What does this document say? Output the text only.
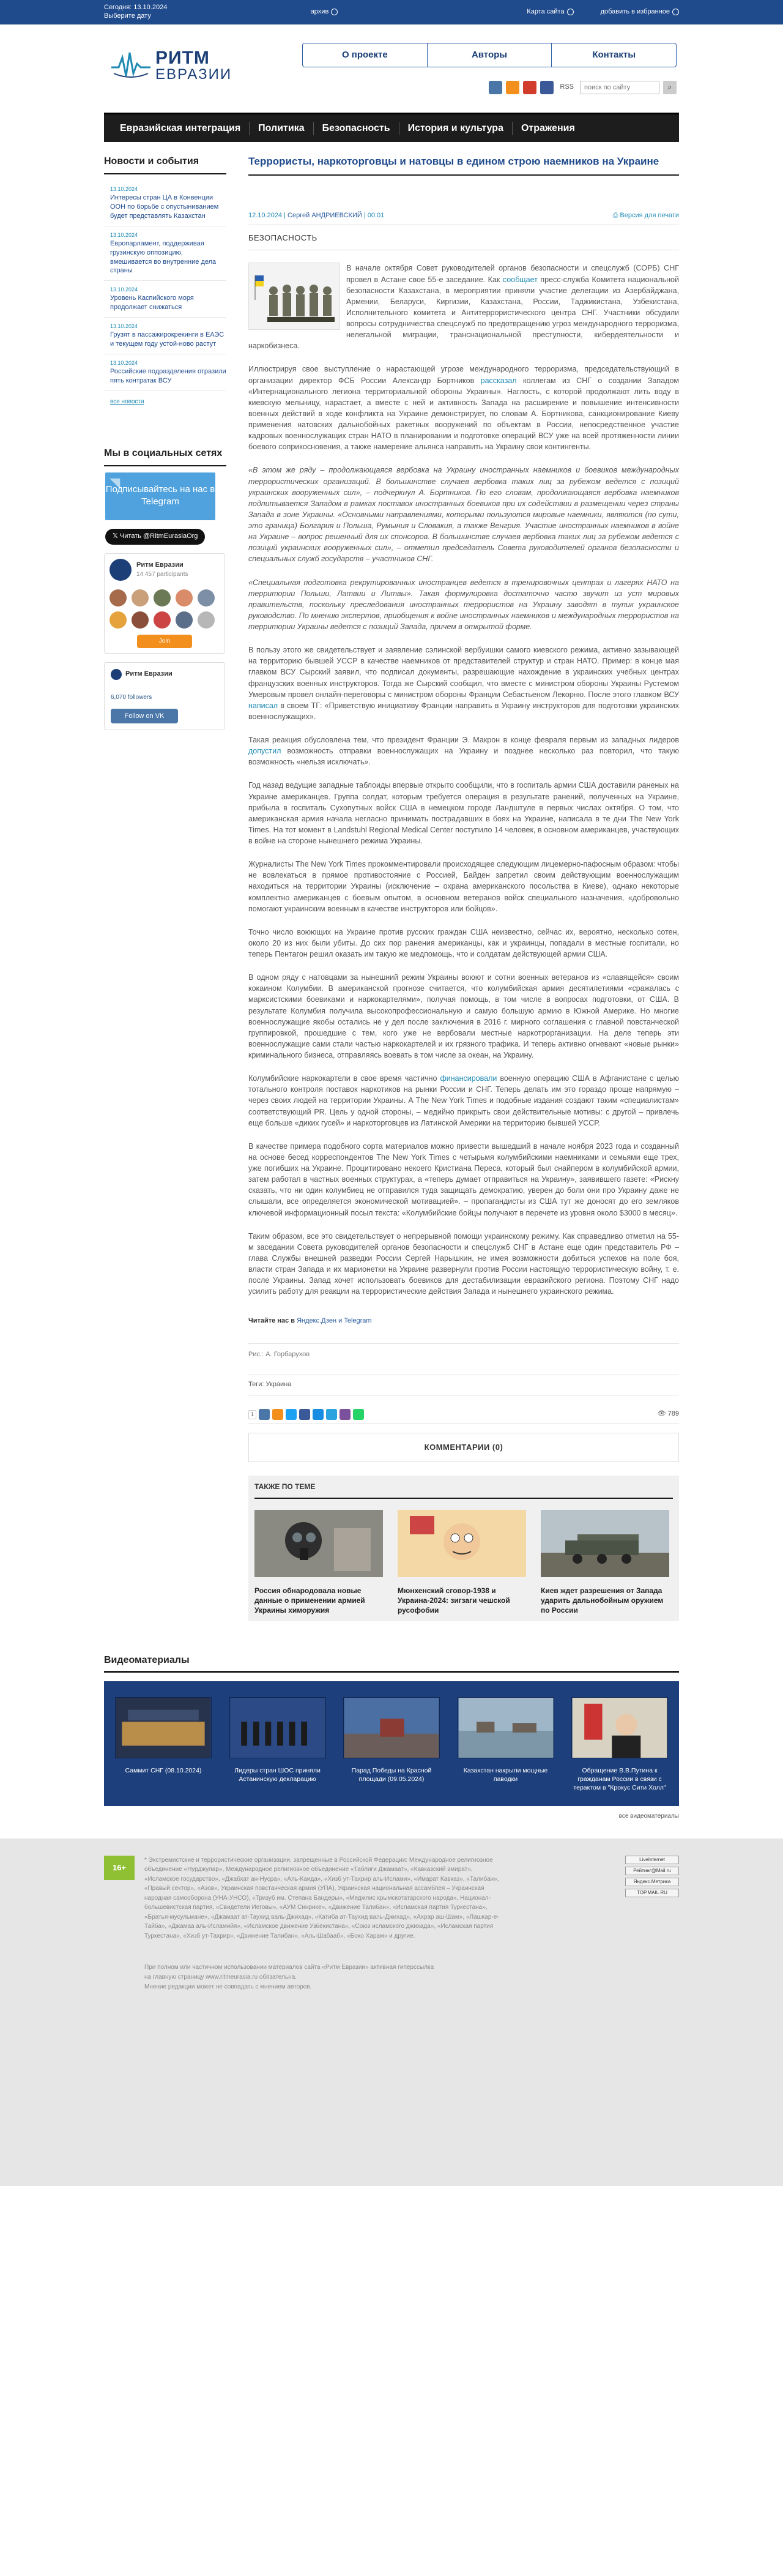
Сегодня: 13.10.2024
Выберите дату
архив	Карта сайта	добавить в избранное
РИТМ
ЕВРАЗИИ
О проекте	Авторы	Контакты
RSS
поиск по сайту	⌕
Евразийская интеграция	Политика	Безопасность	История и культура	Отражения
Новости и события
13.10.2024
Интересы стран ЦА в Конвенции ООН по борьбе с опустыниванием будет представлять Казахстан
13.10.2024
Европарламент, поддерживая грузинскую оппозицию, вмешивается во внутренние дела страны
13.10.2024
Уровень Каспийского моря продолжает снижаться
13.10.2024
Грузят в пассажирокрекинги в ЕАЭС и текущем году устой-ново растут
13.10.2024
Российские подразделения отразили пять контратак ВСУ
все новости
Мы в социальных сетях
Подписывайтесь на нас в Telegram
𝕏 Читать @RitmEurasiaOrg
Ритм Евразии
14 457 participants
Join
Ритм Евразии
6,070 followers
Follow on VK
Террористы, наркоторговцы и натовцы в едином строю наемников на Украине
12.10.2024 | Сергей АНДРИЕВСКИЙ | 00:01	⎙ Версия для печати
БЕЗОПАСНОСТЬ

В начале октября Совет руководителей органов безопасности и спецслужб (СОРБ) СНГ провел в Астане свое 55-е заседание. Как сообщает пресс-служба Комитета национальной безопасности Казахстана, в мероприятии приняли участие делегации из Азербайджана, Армении, Беларуси, Киргизии, Казахстана, России, Таджикистана, Узбекистана, Исполнительного комитета и Антитеррористического центра СНГ. Участники обсудили вопросы сотрудничества спецслужб по предотвращению угроз международного терроризма, нелегальной миграции, транснациональной преступности, кибердеятельности и наркобизнеса.

Иллюстрируя свое выступление о нарастающей угрозе международного терроризма, председательствующий в организации директор ФСБ России Александр Бортников рассказал коллегам из СНГ о создании Западом «Интернационального легиона территориальной обороны Украины». Наглость, с которой продолжают лить воду в киевскую мельницу, нарастает, а вместе с ней и активность Запада на расширение и повышение интенсивности военных действий в ходе конфликта на Украине демонстрирует, по словам А. Бортникова, санкционирование Киеву применения натовских дальнобойных ракетных вооружений по объектам в России, непосредственное участие кадровых военнослужащих стран НАТО в планировании и подготовке операций ВСУ уже на всей протяженности линии боевого соприкосновения, а также намерение альянса направить на Украину свои контингенты.

«В этом же ряду – продолжающаяся вербовка на Украину иностранных наемников и боевиков международных террористических организаций. В большинстве случаев вербовка таких лиц за рубежом ведется с позиций украинских вооруженных сил», – подчеркнул А. Бортников. По его словам, продолжающаяся вербовка наемников подпитывается Западом в рамках поставок иностранных боевиков при их содействии в размещении через страны Запада в зоне Украины. «Основными направлениями, которыми пользуются мировые наемники, являются (по сути, это граница) Болгария и Польша, Румыния и Словакия, а также Венгрия. Участие иностранных наемников в войне на Украине – вопрос решенный для их спонсоров. В большинстве случаев вербовка таких лиц за рубежом ведется с позиций украинских вооруженных сил», – отметил председатель Совета руководителей органов безопасности и специальных служб государств – участников СНГ.

«Специальная подготовка рекрутированных иностранцев ведется в тренировочных центрах и лагерях НАТО на территории Польши, Латвии и Литвы». Такая формулировка достаточно часто звучит из уст мировых правительств, поскольку преследования иностранных террористов на Украину заводят в тупик украинское руководство. По мнению экспертов, приобщения к войне иностранных наемников и международных террористов на территории Украины ведется с позиций Запада, причем в открытой форме.

В пользу этого же свидетельствует и заявление сэлинской вербуишки самого киевского режима, активно зазывающей на территорию бывшей УССР в качестве наемников от представителей структур и стран НАТО. Пример: в конце мая главком ВСУ Сырский заявил, что подписал документы, разрешающие нахождение в украинских учебных центрах французских военных инструкторов. Тогда же Сырский сообщил, что вместе с министром обороны Украины Рустемом Умеровым провел онлайн-переговоры с министром обороны Франции Себастьеном Лекорню. После этого главком ВСУ написал в своем ТГ: «Приветствую инициативу Франции направить в Украину инструкторов для подготовки украинских военнослужащих».

Такая реакция обусловлена тем, что президент Франции Э. Макрон в конце февраля первым из западных лидеров допустил возможность отправки военнослужащих на Украину и позднее несколько раз повторил, что такую возможность «нельзя исключать».

Год назад ведущие западные таблоиды впервые открыто сообщили, что в госпиталь армии США доставили раненых на Украине американцев. Группа солдат, которым требуется операция в результате ранений, полученных на Украине, прибыла в госпиталь Сухопутных войск США в немецком городе Ландштуле в первых числах октября. О том, что американская армия начала негласно принимать пострадавших в боях на Украине, написала в те дни The New York Times. На тот момент в Landstuhl Regional Medical Center поступило 14 человек, в основном американцев, участвующих в войне на стороне нынешнего режима Украины.

Журналисты The New York Times прокомментировали происходящее следующим лицемерно-пафосным образом: чтобы не вовлекаться в прямое противостояние с Россией, Байден запретил своим действующим военнослужащим находиться на территории Украины (исключение – охрана американского посольства в Киеве), однако некоторые комплектно американцев с боевым опытом, в основном ветеранов войск специального назначения, «добровольно помогают украинским военным в качестве инструкторов или бойцов».

Точно число воюющих на Украине против русских граждан США неизвестно, сейчас их, вероятно, несколько сотен, около 20 из них были убиты. До сих пор ранения американцы, как и украинцы, попадали в местные госпитали, но теперь Пентагон решил оказать им такую же медпомощь, что и солдатам действующей армии США.

В одном ряду с натовцами за нынешний режим Украины воюют и сотни военных ветеранов из «славящейся» своим кокаином Колумбии. В американской прогнозе считается, что колумбийская армия десятилетиями «сражалась с марксистскими боевиками и наркокартелями», получая помощь, в том числе в вопросах подготовки, от США. В результате Колумбия получила высокопрофессиональную и самую большую армию в Южной Америке. Но многие военнослужащие якобы остались не у дел после заключения в 2016 г. мирного соглашения с главной повстанческой группировкой, прошедшие с тем, кого уже не вербовали местные наркотрорганизации. На деле теперь эти военнослужащие сами стали частью наркокартелей и их грязного трафика. И теперь активно огневают «новые рынки» криминального бизнеса, отправляясь воевать в том числе за океан, на Украину.

Колумбийские наркокартели в свое время частично финансировали военную операцию США в Афганистане с целью тотального контроля поставок наркотиков на рынки России и СНГ. Теперь делать им это гораздо проще напрямую – через своих людей на территории Украины. А The New York Times и подобные издания создают таким «специалистам» соответствующий PR. Цель у одной стороны, – медийно прикрыть свои действительные мотивы: с другой – привлечь еще больше «диких гусей» и наркоторговцев из Латинской Америки на территорию бывшей УССР.

В качестве примера подобного сорта материалов можно привести вышедший в начале ноября 2023 года и созданный на основе бесед корреспондентов The New York Times с четырьмя колумбийскими наемниками и семьями еще трех, уже погибших на Украине. Процитировано некоего Кристиана Переса, который был снайпером в колумбийской армии, затем работал в частных военных структурах, а «теперь думает отправиться на Украину», заявившего газете: «Рискну сказать, что ни один колумбиец не отправился туда защищать демократию, уверен до боли они про Украину даже не слышали, все определяется экономической мотивацией». – пропагандисты из США тут же доносят до его земляков ключевой информационный посыл текста: «Колумбийские бойцы получают в перечете из уровня около $3000 в месяц».

Таким образом, все это свидетельствует о непрерывной помощи украинскому режиму. Как справедливо отметил на 55-м заседании Совета руководителей органов безопасности и спецслужб СНГ в Астане еще один представитель РФ – глава Службы внешней разведки России Сергей Нарышкин, не имея возможности добиться успехов на поле боя, власти стран Запада и их марионетки на Украине развернули против России настоящую террористическую войну, т. е. после Украины. Запад хочет использовать боевиков для дестабилизации евразийского региона. Поэтому СНГ надо усилить работу для реакции на террористические действия Запада и нынешнего украинского режима.

Читайте нас в Яндекс.Дзен и Telegram
Рис.: А. Горбарухов
Теги: Украина
1	👁 789
КОММЕНТАРИИ (0)
ТАКЖЕ ПО ТЕМЕ
Россия обнародовала новые данные о применении армией Украины химоружия
Мюнхенский сговор-1938 и Украина-2024: зигзаги чешской русофобии
Киев ждет разрешения от Запада ударить дальнобойным оружием по России
Видеоматериалы
Саммит СНГ (08.10.2024)	Лидеры стран ШОС приняли Астанинскую декларацию
Парад Победы на Красной площади (09.05.2024)
Казахстан накрыли мощные паводки
Обращение В.В.Путина к гражданам России в связи с терактом в "Крокус Сити Холл"
все видеоматериалы
16+
* Экстремистские и террористические организации, запрещенные в Российской Федерации: Международное религиозное объединение «Нурджулар», Международное религиозное объединение «Таблиги Джамаат», «Кавказский эмират», «Исламское государство», «Джабхат ан-Нусра», «Аль-Каида», «Хизб ут-Тахрир аль-Ислами», «Имарат Кавказ», «Талибан», «Правый сектор», «Азов», Украинская повстанческая армия (УПА), Украинская национальная ассамблея – Украинская народная самооборона (УНА-УНСО), «Тризуб им. Степана Бандеры», «Меджлис крымскотатарского народа», Национал-большевистская партия, «Свидетели Иеговы», «АУМ Синрике», «Движение Талибан», «Исламская партия Туркестана», «Братья-мусульмане», «Джамаат ат-Таухид валь-Джихад», «Катиба ат-Таухид валь-Джихад», «Ахрар аш-Шам», «Лашкар-е-Тайба», «Джамаа аль-Исламийя», «Исламское движение Узбекистана», «Союз исламского джихада», «Исламская партия Туркестана», «Хизб ут-Тахрир», «Движение Талибан», «Аль-Шабааб», «Боко Харам» и другие.
LiveInternet
Рейтинг@Mail.ru
Яндекс.Метрика
TOP.MAIL.RU
При полном или частичном использовании материалов сайта «Ритм Евразии» активная гиперссылка
на главную страницу www.ritmeurasia.ru обязательна.
Мнение редакции может не совпадать с мнением авторов.
